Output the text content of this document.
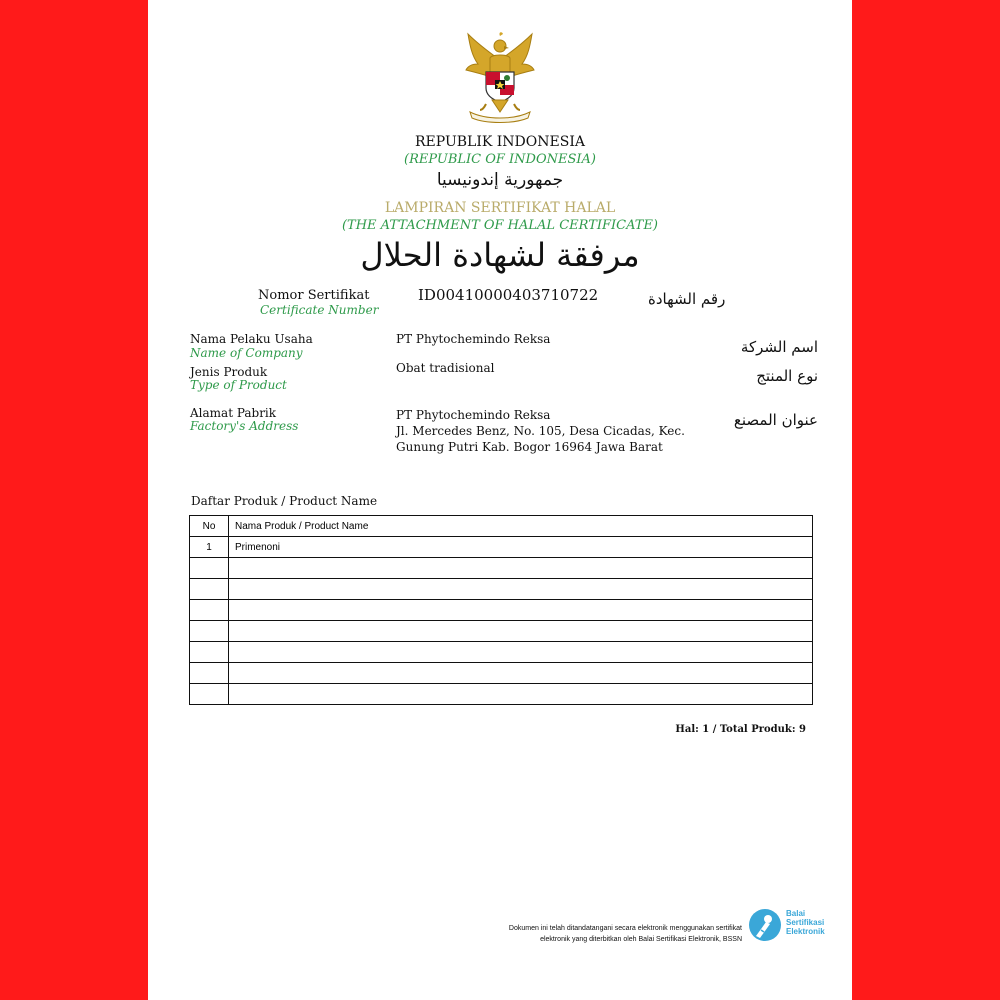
REPUBLIK INDONESIA
(REPUBLIC OF INDONESIA)
جمهورية إندونيسيا
LAMPIRAN SERTIFIKAT HALAL
(THE ATTACHMENT OF HALAL CERTIFICATE)
مرفقة لشهادة الحلال
Nomor Sertifikat
Certificate Number
ID00410000403710722	رقم الشهادة
Nama Pelaku Usaha
Name of Company
PT Phytochemindo Reksa	اسم الشركة
Jenis Produk
Type of Product
Obat tradisional	نوع المنتج
Alamat Pabrik
Factory's Address
PT Phytochemindo Reksa
Jl. Mercedes Benz, No. 105, Desa Cicadas, Kec.
Gunung Putri Kab. Bogor 16964 Jawa Barat
عنوان المصنع
Daftar Produk / Product Name
No	Nama Produk / Product Name
1	Primenoni

Hal: 1 / Total Produk: 9
Dokumen ini telah ditandatangani secara elektronik menggunakan sertifikat
elektronik yang diterbitkan oleh Balai Sertifikasi Elektronik, BSSN
Balai
Sertifikasi
Elektronik
